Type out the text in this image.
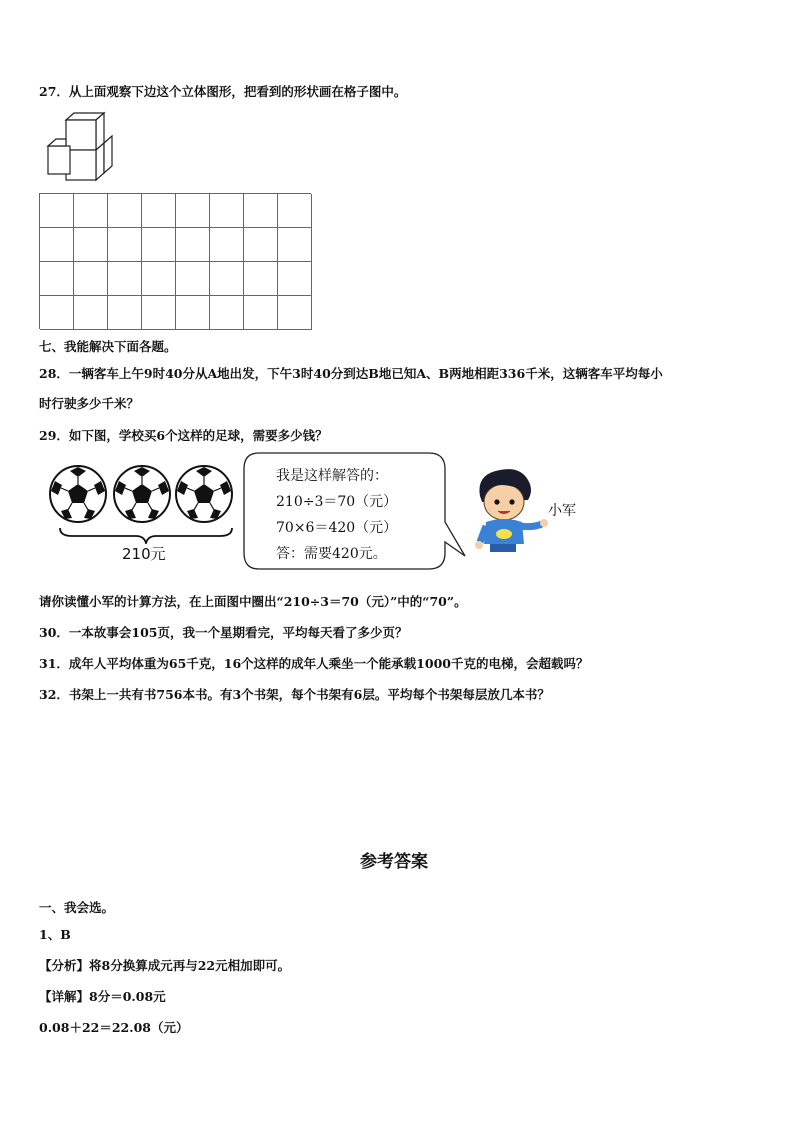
27．从上面观察下边这个立体图形，把看到的形状画在格子图中。
七、我能解决下面各题。
28．一辆客车上午9时40分从A地出发，下午3时40分到达B地已知A、B两地相距336千米，这辆客车平均每小
时行驶多少千米？
29．如下图，学校买6个这样的足球，需要多少钱？
210元
我是这样解答的：
210÷3＝70（元）
70×6＝420（元）
答：需要420元。
小军
请你读懂小军的计算方法，在上面图中圈出“210÷3＝70（元）”中的“70”。
30．一本故事会105页，我一个星期看完，平均每天看了多少页？
31．成年人平均体重为65千克，16个这样的成年人乘坐一个能承载1000千克的电梯，会超载吗？
32．书架上一共有书756本书。有3个书架，每个书架有6层。平均每个书架每层放几本书？
参考答案
一、我会选。
1、B
【分析】将8分换算成元再与22元相加即可。
【详解】8分＝0.08元
0.08＋22＝22.08（元）
